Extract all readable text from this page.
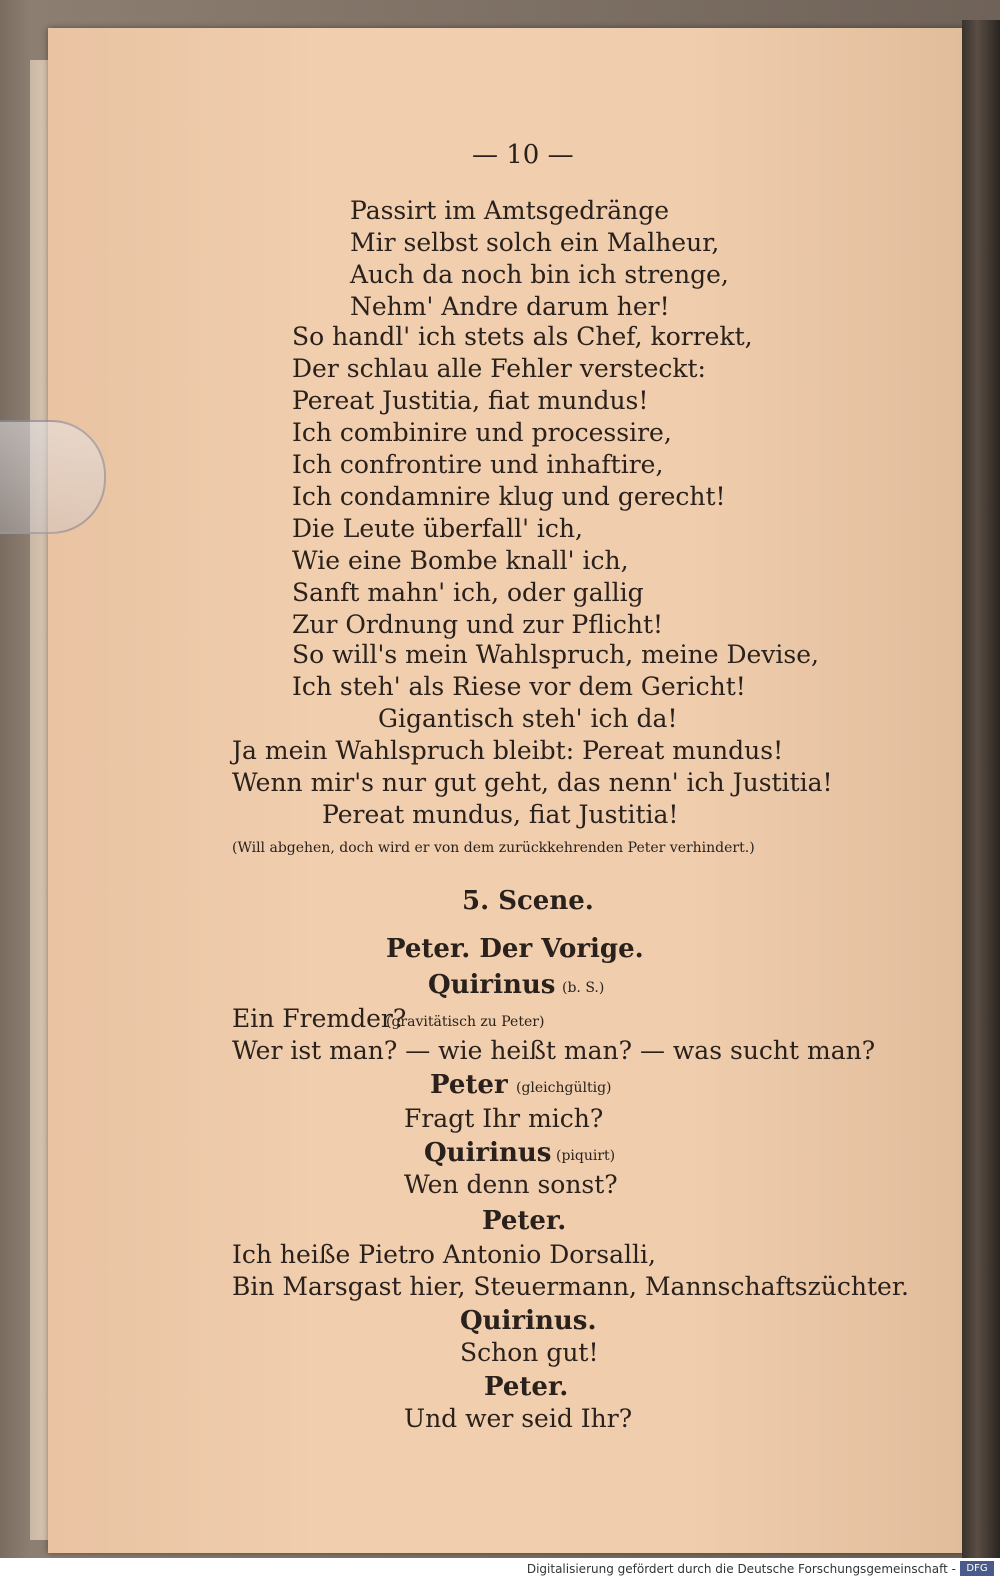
— 10 —
Passirt im Amtsgedränge
Mir selbst solch ein Malheur,
Auch da noch bin ich strenge,
Nehm' Andre darum her!
So handl' ich stets als Chef, korrekt,
Der schlau alle Fehler versteckt:
Pereat Justitia, fiat mundus!
Ich combinire und processire,
Ich confrontire und inhaftire,
Ich condamnire klug und gerecht!
Die Leute überfall' ich,
Wie eine Bombe knall' ich,
Sanft mahn' ich, oder gallig
Zur Ordnung und zur Pflicht!
So will's mein Wahlspruch, meine Devise,
Ich steh' als Riese vor dem Gericht!
Gigantisch steh' ich da!
Ja mein Wahlspruch bleibt: Pereat mundus!
Wenn mir's nur gut geht, das nenn' ich Justitia!
Pereat mundus, fiat Justitia!
(Will abgehen, doch wird er von dem zurückkehrenden Peter verhindert.)
5. Scene.
Peter. Der Vorige.
Quirinus (b. S.)
Ein Fremder?
(gravitätisch zu Peter)
Wer ist man? — wie heißt man? — was sucht man?
Peter (gleichgültig)
Fragt Ihr mich?
Quirinus (piquirt)
Wen denn sonst?
Peter.
Ich heiße Pietro Antonio Dorsalli,
Bin Marsgast hier, Steuermann, Mannschaftszüchter.
Quirinus.
Schon gut!
Peter.
Und wer seid Ihr?
Digitalisierung gefördert durch die Deutsche Forschungsgemeinschaft -	DFG
